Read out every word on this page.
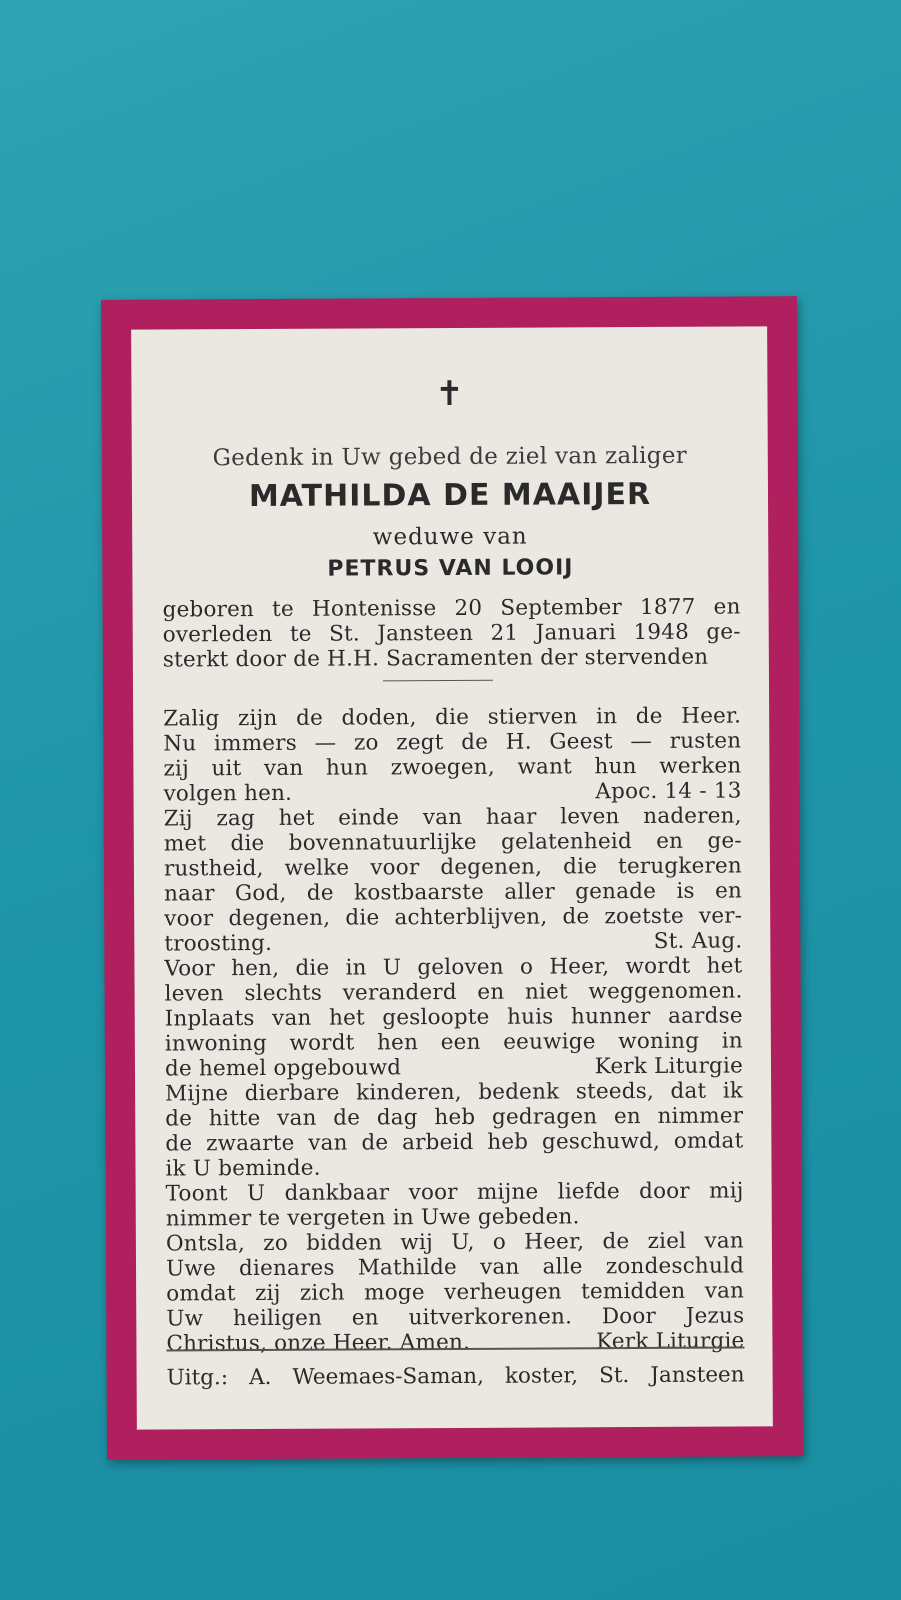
✝
Gedenk in Uw gebed de ziel van zaliger
MATHILDA DE MAAIJER
weduwe van
PETRUS VAN LOOIJ
geboren te Hontenisse 20 September 1877 en
overleden te St. Jansteen 21 Januari 1948 ge-
sterkt door de H.H. Sacramenten der stervenden
Zalig zijn de doden, die stierven in de Heer.
Nu immers — zo zegt de H. Geest — rusten
zij uit van hun zwoegen, want hun werken
volgen hen.	Apoc. 14 - 13
Zij zag het einde van haar leven naderen,
met die bovennatuurlijke gelatenheid en ge-
rustheid, welke voor degenen, die terugkeren
naar God, de kostbaarste aller genade is en
voor degenen, die achterblijven, de zoetste ver-
troosting.	St. Aug.
Voor hen, die in U geloven o Heer, wordt het
leven slechts veranderd en niet weggenomen.
Inplaats van het gesloopte huis hunner aardse
inwoning wordt hen een eeuwige woning in
de hemel opgebouwd	Kerk Liturgie
Mijne dierbare kinderen, bedenk steeds, dat ik
de hitte van de dag heb gedragen en nimmer
de zwaarte van de arbeid heb geschuwd, omdat
ik U beminde.
Toont U dankbaar voor mijne liefde door mij
nimmer te vergeten in Uwe gebeden.
Ontsla, zo bidden wij U, o Heer, de ziel van
Uwe dienares Mathilde van alle zondeschuld
omdat zij zich moge verheugen temidden van
Uw heiligen en uitverkorenen. Door Jezus
Christus, onze Heer. Amen.	Kerk Liturgie
Uitg.: A. Weemaes-Saman, koster, St. Jansteen
